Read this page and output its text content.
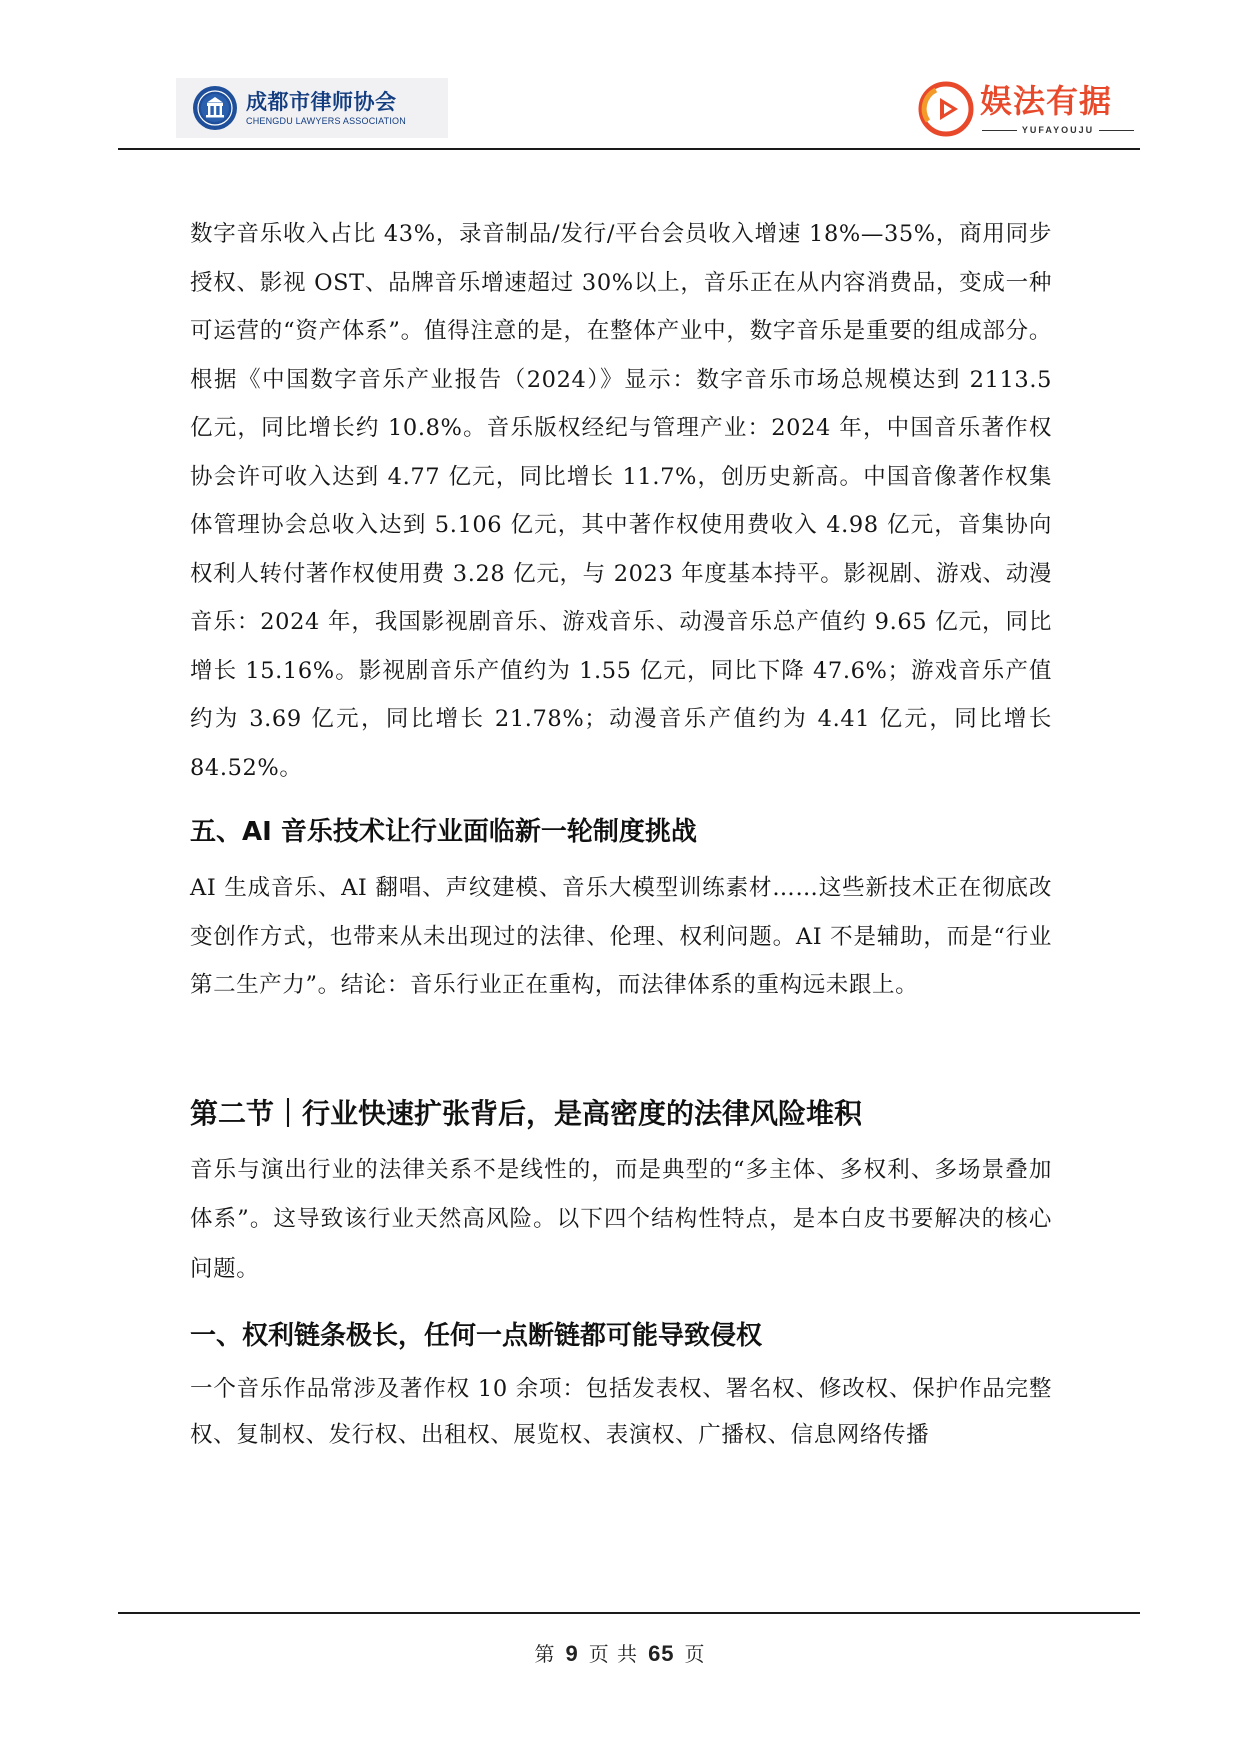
成都市律师协会
CHENGDU LAWYERS ASSOCIATION
娱法有据
YUFAYOUJU

数字音乐收入占比 43%，录音制品/发行/平台会员收入增速 18%—35%，商用同步授权、影视 OST、品牌音乐增速超过 30%以上，音乐正在从内容消费品，变成一种可运营的“资产体系”。值得注意的是，在整体产业中，数字音乐是重要的组成部分。根据《中国数字音乐产业报告（2024）》显示：数字音乐市场总规模达到 2113.5 亿元，同比增长约 10.8%。音乐版权经纪与管理产业：2024 年，中国音乐著作权协会许可收入达到 4.77 亿元，同比增长 11.7%，创历史新高。中国音像著作权集体管理协会总收入达到 5.106 亿元，其中著作权使用费收入 4.98 亿元，音集协向权利人转付著作权使用费 3.28 亿元，与 2023 年度基本持平。影视剧、游戏、动漫音乐：2024 年，我国影视剧音乐、游戏音乐、动漫音乐总产值约 9.65 亿元，同比增长 15.16%。影视剧音乐产值约为 1.55 亿元，同比下降 47.6%；游戏音乐产值约为 3.69 亿元，同比增长 21.78%；动漫音乐产值约为 4.41 亿元，同比增长 84.52%。

五、AI 音乐技术让行业面临新一轮制度挑战

AI 生成音乐、AI 翻唱、声纹建模、音乐大模型训练素材……这些新技术正在彻底改变创作方式，也带来从未出现过的法律、伦理、权利问题。AI 不是辅助，而是“行业第二生产力”。结论：音乐行业正在重构，而法律体系的重构远未跟上。

第二节｜行业快速扩张背后，是高密度的法律风险堆积

音乐与演出行业的法律关系不是线性的，而是典型的“多主体、多权利、多场景叠加体系”。这导致该行业天然高风险。以下四个结构性特点，是本白皮书要解决的核心问题。

一、权利链条极长，任何一点断链都可能导致侵权

一个音乐作品常涉及著作权 10 余项：包括发表权、署名权、修改权、保护作品完整权、复制权、发行权、出租权、展览权、表演权、广播权、信息网络传播

第 9 页 共 65 页
